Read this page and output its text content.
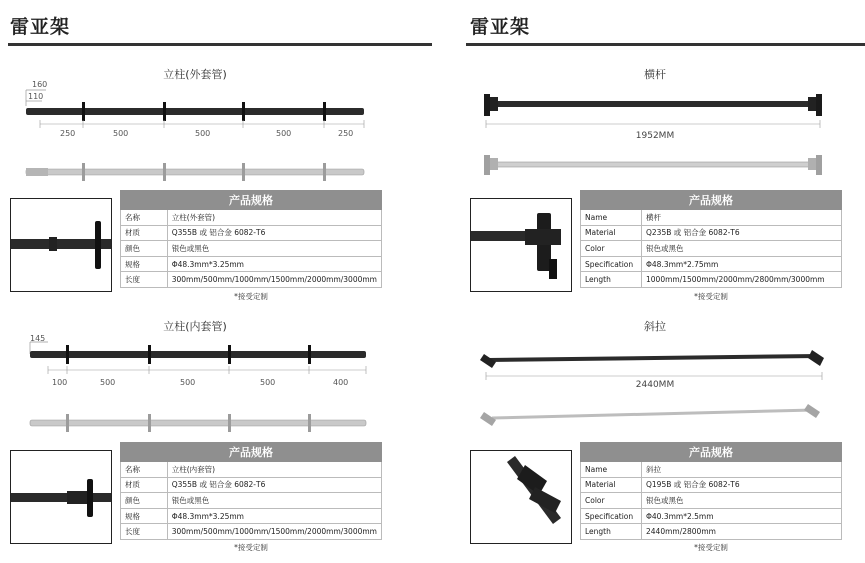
雷亚架
立柱(外套管)
160
110
250	500	500	500	250
产品规格	
名称	立柱(外套管)
材质	Q355B 或 铝合金 6082-T6
颜色	银色或黑色
规格	Φ48.3mm*3.25mm
长度	300mm/500mm/1000mm/1500mm/2000mm/3000mm
*接受定制
立柱(内套管)
145
100	500	500	500	400
产品规格	
名称	立柱(内套管)
材质	Q355B 或 铝合金 6082-T6
颜色	银色或黑色
规格	Φ48.3mm*3.25mm
长度	300mm/500mm/1000mm/1500mm/2000mm/3000mm
*接受定制
雷亚架
横杆
1952MM
产品规格	
Name	横杆
Material	Q235B 或 铝合金 6082-T6
Color	银色或黑色
Specification	Φ48.3mm*2.75mm
Length	1000mm/1500mm/2000mm/2800mm/3000mm
*接受定制
斜拉
2440MM
产品规格	
Name	斜拉
Material	Q195B 或 铝合金 6082-T6
Color	银色或黑色
Specification	Φ40.3mm*2.5mm
Length	2440mm/2800mm
*接受定制
